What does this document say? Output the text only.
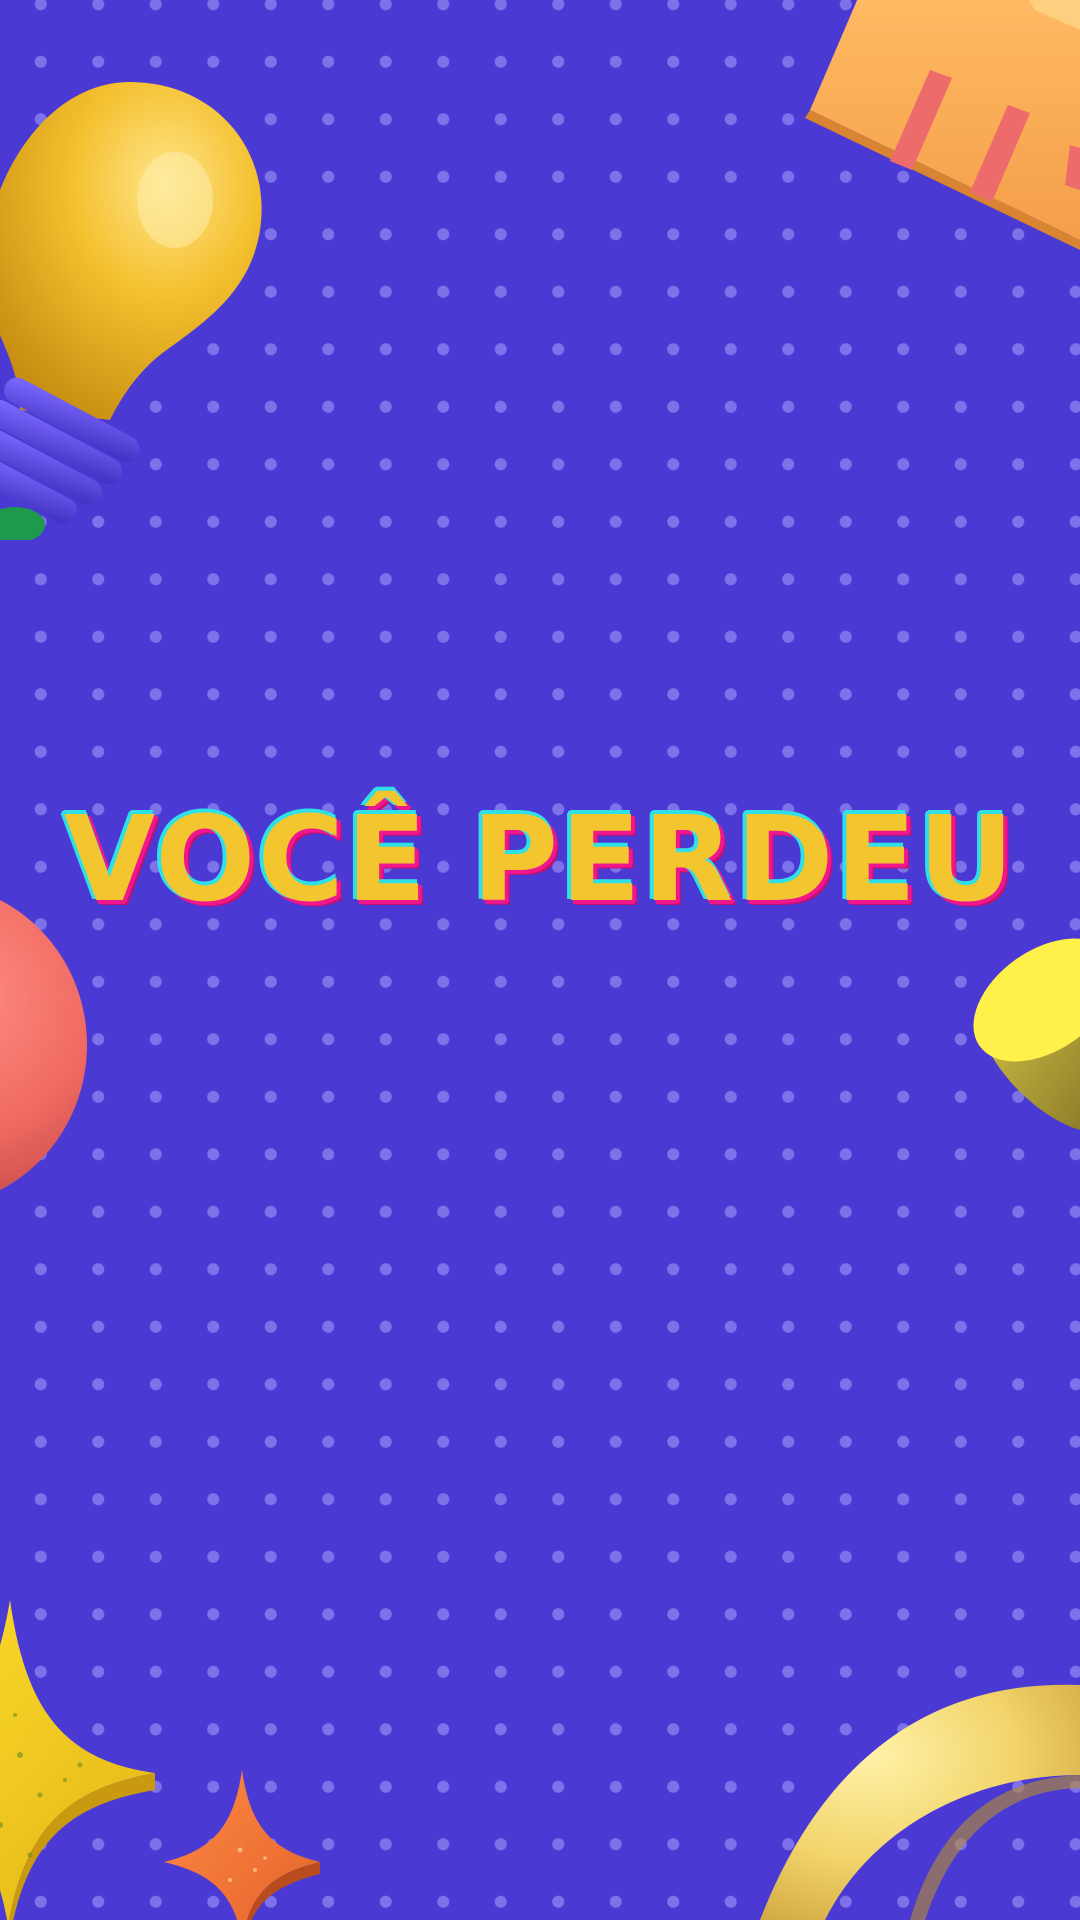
VOCÊ PERDEU
